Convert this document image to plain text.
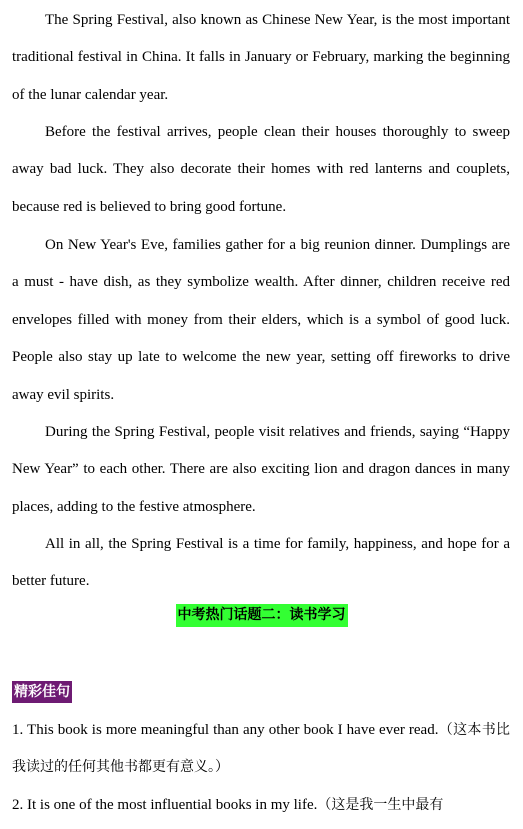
The Spring Festival, also known as Chinese New Year, is the most important traditional festival in China. It falls in January or February, marking the beginning of the lunar calendar year.

Before the festival arrives, people clean their houses thoroughly to sweep away bad luck. They also decorate their homes with red lanterns and couplets, because red is believed to bring good fortune.

On New Year's Eve, families gather for a big reunion dinner. Dumplings are a must - have dish, as they symbolize wealth. After dinner, children receive red envelopes filled with money from their elders, which is a symbol of good luck. People also stay up late to welcome the new year, setting off fireworks to drive away evil spirits.

During the Spring Festival, people visit relatives and friends, saying “Happy New Year” to each other. There are also exciting lion and dragon dances in many places, adding to the festive atmosphere.

All in all, the Spring Festival is a time for family, happiness, and hope for a better future.

中考热门话题二：读书学习
精彩佳句

1. This book is more meaningful than any other book I have ever read.（这本书比我读过的任何其他书都更有意义。）

2. It is one of the most influential books in my life.（这是我一生中最有
